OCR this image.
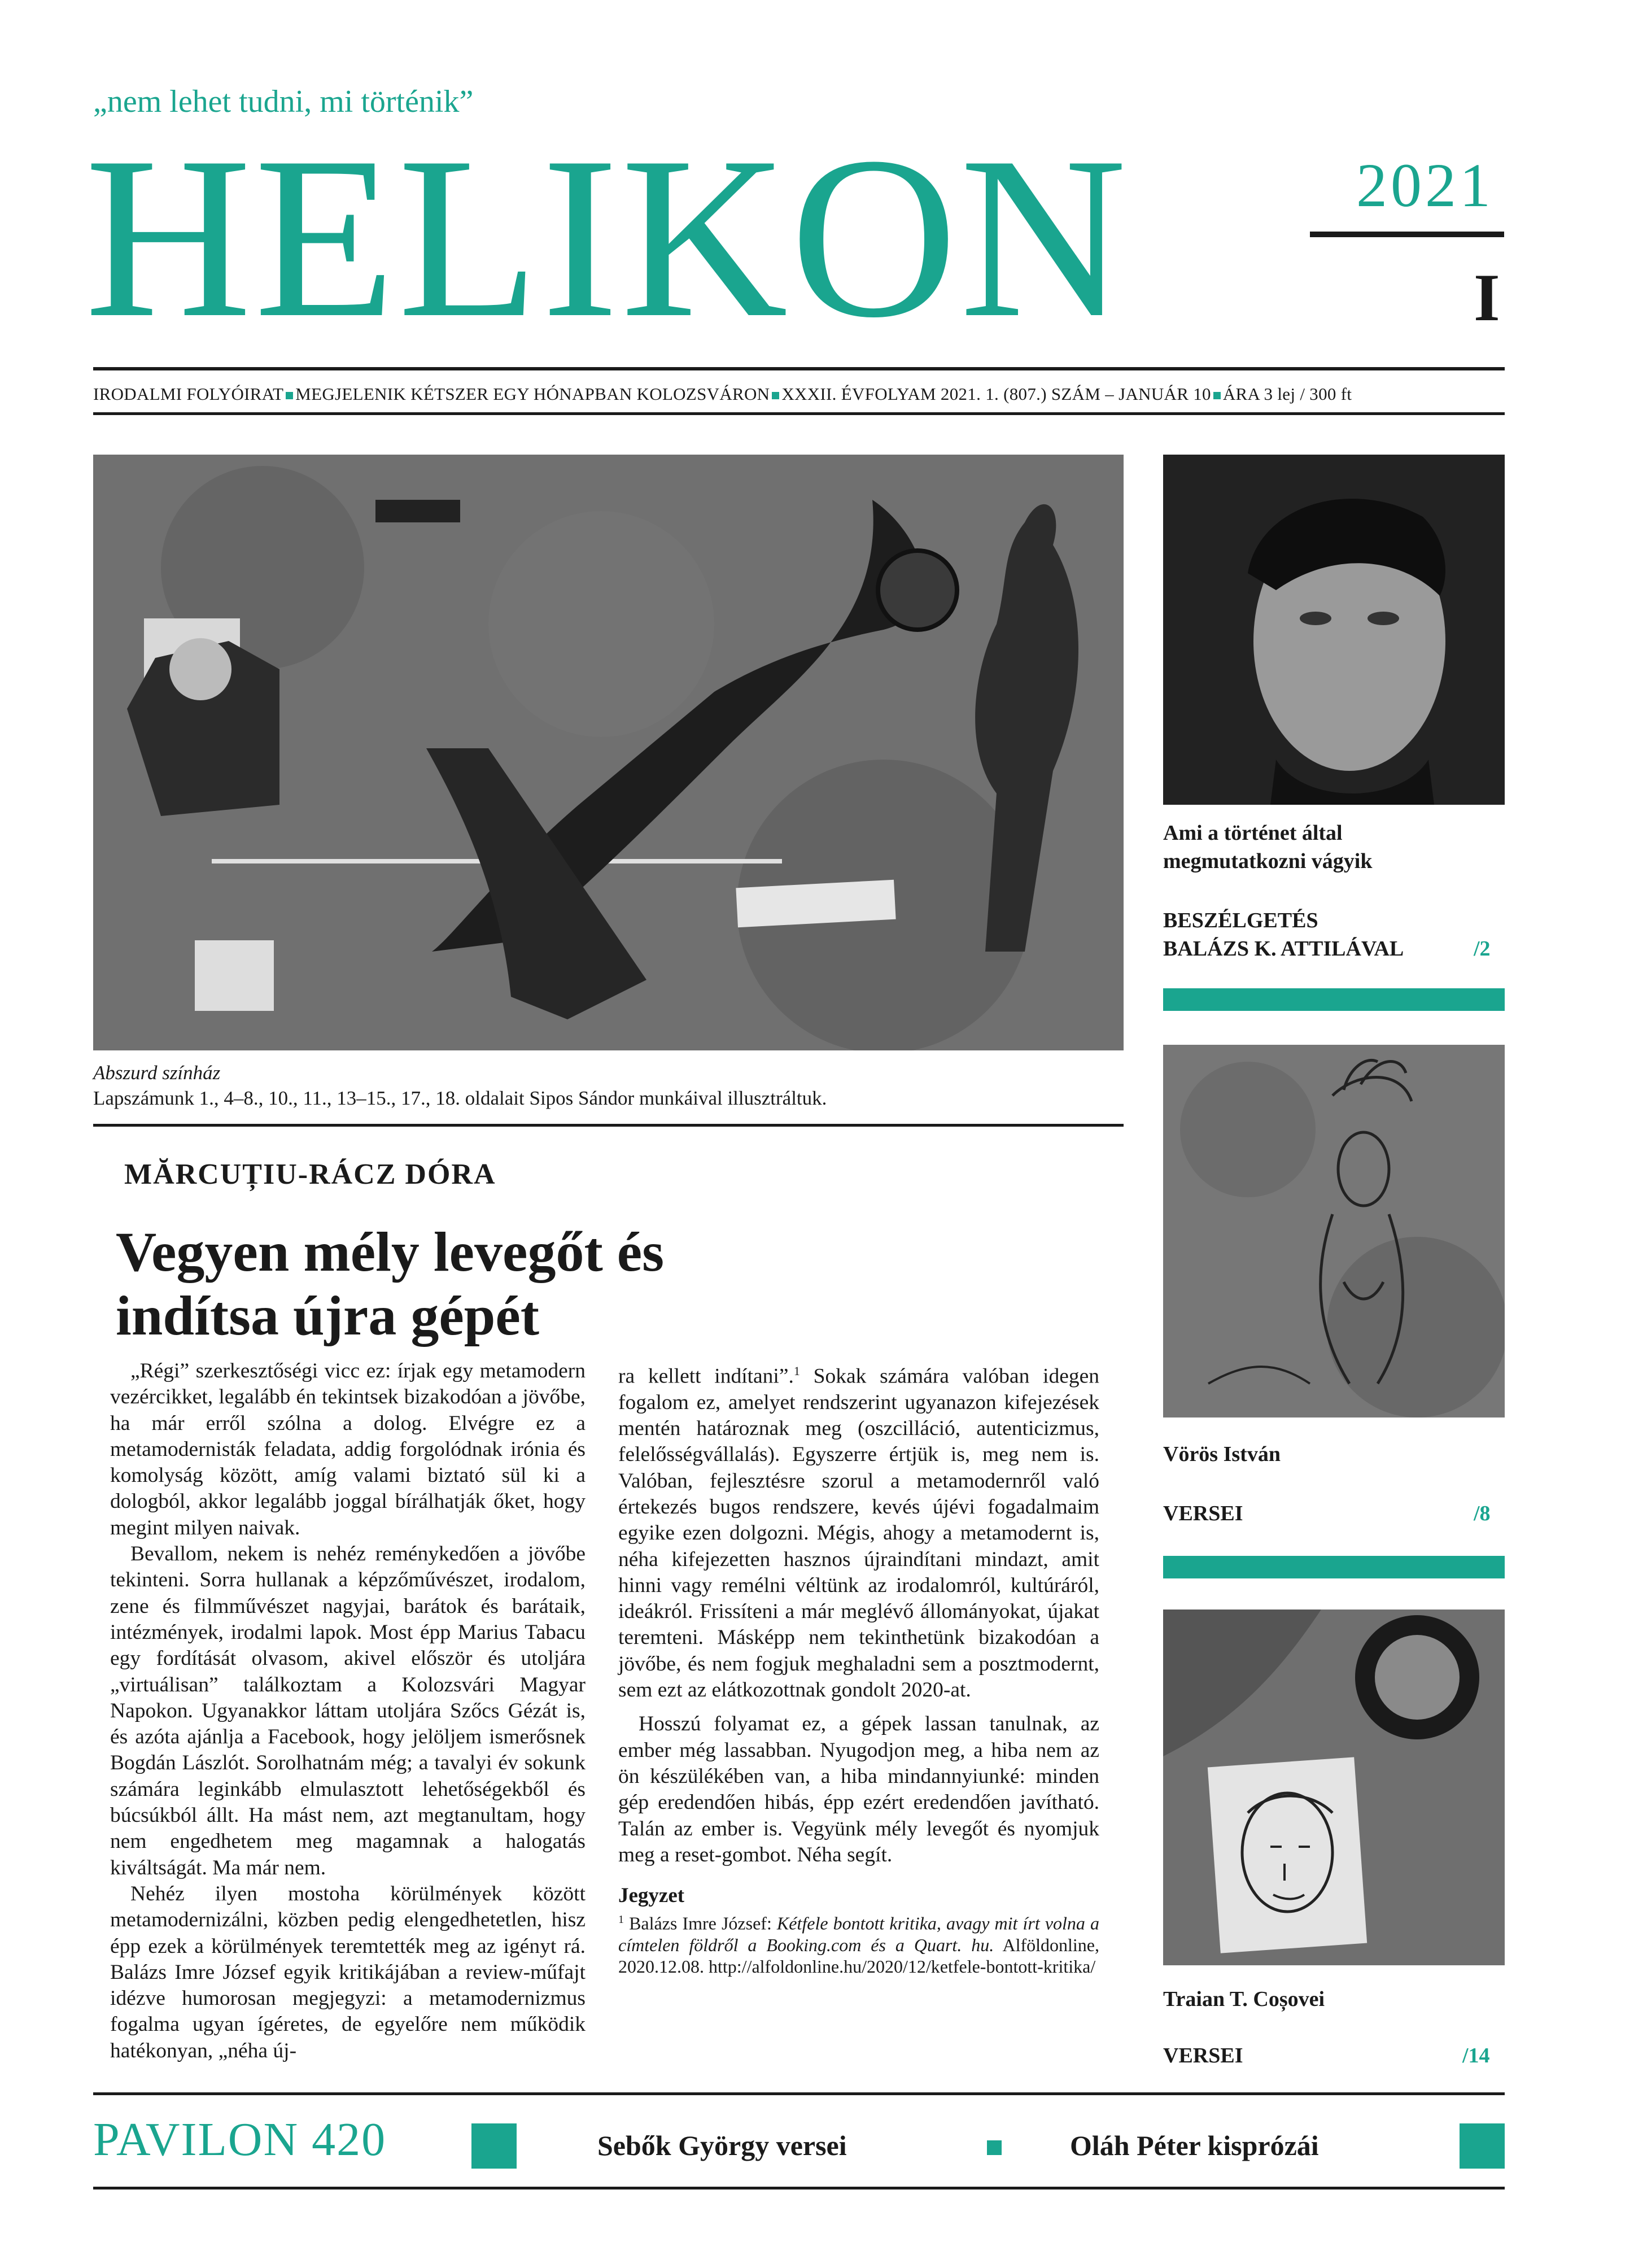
„nem lehet tudni, mi történik”
HELIKON	2021
I
IRODALMI FOLYÓIRAT MEGJELENIK KÉTSZER EGY HÓNAPBAN KOLOZSVÁRON XXXII. ÉVFOLYAM 2021. 1. (807.) SZÁM – JANUÁR 10 ÁRA 3 lej / 300 ft
Abszurd színház
Lapszámunk 1., 4–8., 10., 11., 13–15., 17., 18. oldalait Sipos Sándor munkáival illusztráltuk.
MĂRCUȚIU-RÁCZ DÓRA
Vegyen mély levegőt és
indítsa újra gépét

„Régi” szerkesztőségi vicc ez: írjak egy metamodern vezércikket, legalább én tekintsek bizakodóan a jövőbe, ha már erről szólna a dolog. Elvégre ez a metamodernisták feladata, addig forgolódnak irónia és komolyság között, amíg valami biztató sül ki a dologból, akkor legalább joggal bírálhatják őket, hogy megint milyen naivak.

Bevallom, nekem is nehéz reménykedően a jövőbe tekinteni. Sorra hullanak a képzőművészet, irodalom, zene és filmművészet nagyjai, barátok és barátaik, intézmények, irodalmi lapok. Most épp Marius Tabacu egy fordítását olvasom, akivel először és utoljára „virtuálisan” találkoztam a Kolozsvári Magyar Napokon. Ugyanakkor láttam utoljára Szőcs Gézát is, és azóta ajánlja a Facebook, hogy jelöljem ismerősnek Bogdán Lászlót. Sorolhatnám még; a tavalyi év sokunk számára leginkább elmulasztott lehetőségekből és búcsúkból állt. Ha mást nem, azt megtanultam, hogy nem engedhetem meg magamnak a halogatás kiváltságát. Ma már nem.

Nehéz ilyen mostoha körülmények között metamodernizálni, közben pedig elengedhetetlen, hisz épp ezek a körülmények teremtették meg az igényt rá. Balázs Imre József egyik kritikájában a review-műfajt idézve humorosan megjegyzi: a metamodernizmus fogalma ugyan ígéretes, de egyelőre nem működik hatékonyan, „néha új-

ra kellett indítani”.$^1$ Sokak számára valóban idegen fogalom ez, amelyet rendszerint ugyanazon kifejezések mentén határoznak meg (oszcilláció, autenticizmus, felelősségvállalás). Egyszerre értjük is, meg nem is. Valóban, fejlesztésre szorul a metamodernről való értekezés bugos rendszere, kevés újévi fogadalmaim egyike ezen dolgozni. Mégis, ahogy a metamodernt is, néha kifejezetten hasznos újraindítani mindazt, amit hinni vagy remélni véltünk az irodalomról, kultúráról, ideákról. Frissíteni a már meglévő állományokat, újakat teremteni. Másképp nem tekinthetünk bizakodóan a jövőbe, és nem fogjuk meghaladni sem a posztmodernt, sem ezt az elátkozottnak gondolt 2020-at.

Hosszú folyamat ez, a gépek lassan tanulnak, az ember még lassabban. Nyugodjon meg, a hiba nem az ön készülékében van, a hiba mindannyiunké: minden gép eredendően hibás, épp ezért eredendően javítható. Talán az ember is. Vegyünk mély levegőt és nyomjuk meg a reset-gombot. Néha segít.

Jegyzet
$^1$ Balázs Imre József: Kétfele bontott kritika, avagy mit írt volna a címtelen földről a Booking.com és a Quart. hu. Alföldonline, 2020.12.08. http://alfoldonline.hu/2020/12/ketfele-bontott-kritika/
Ami a történet által
megmutatkozni vágyik
BESZÉLGETÉS
BALÁZS K. ATTILÁVAL	/2
Vörös István
VERSEI	/8
Traian T. Coșovei
VERSEI	/14
PAVILON 420	Sebők György versei	Oláh Péter kisprózái
